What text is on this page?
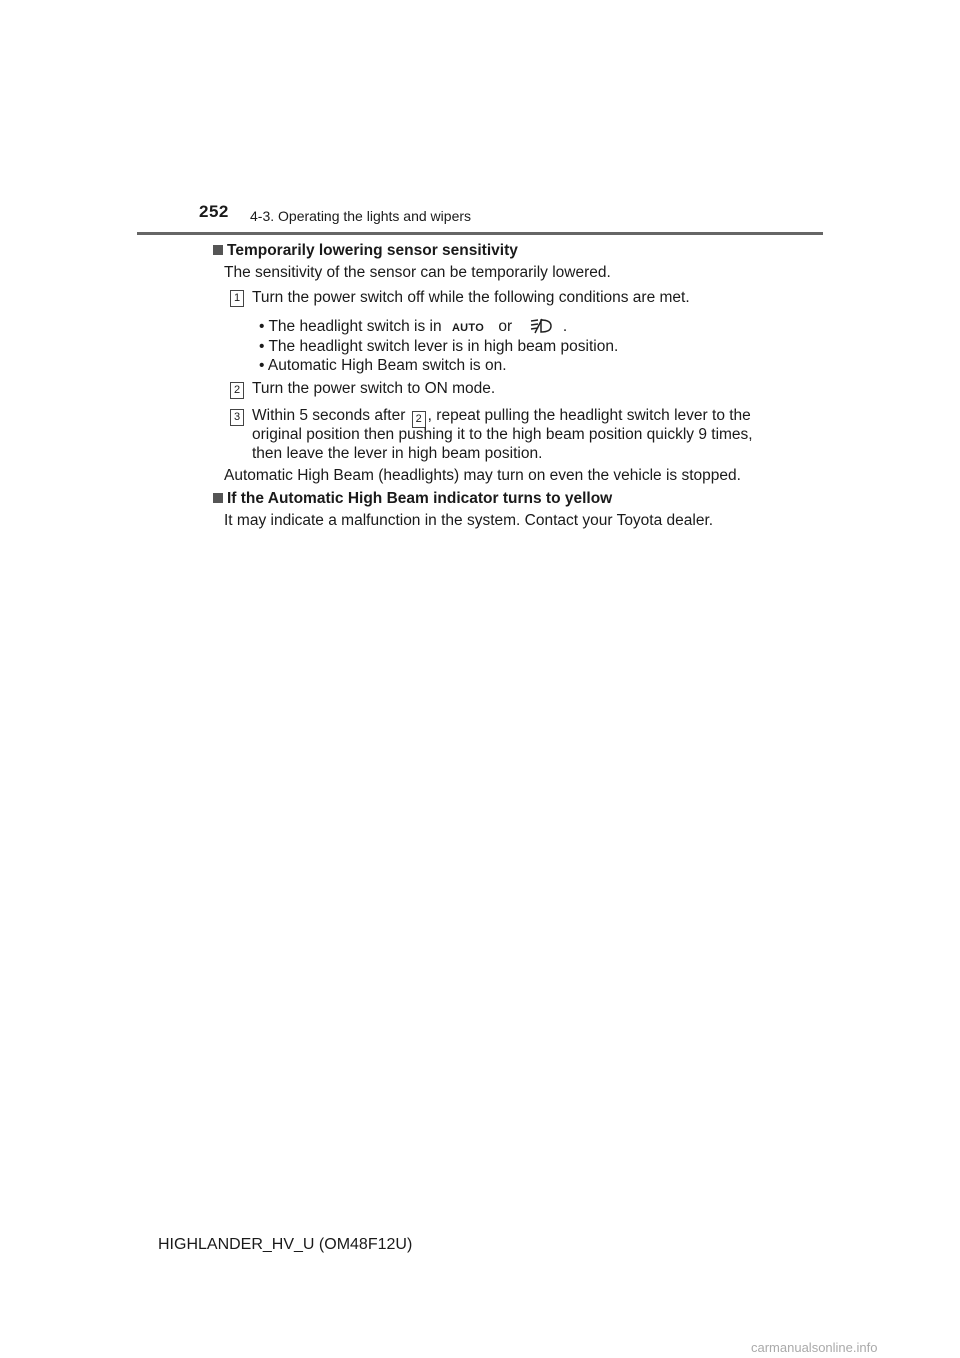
252 4-3. Operating the lights and wipers
Temporarily lowering sensor sensitivity
The sensitivity of the sensor can be temporarily lowered.
1 Turn the power switch off while the following conditions are met.
• The headlight switch is in AUTO or	.
• The headlight switch lever is in high beam position.
• Automatic High Beam switch is on.
2 Turn the power switch to ON mode.
3 Within 5 seconds after 2 , repeat pulling the headlight switch lever to the
original position then pushing it to the high beam position quickly 9 times,
then leave the lever in high beam position.
Automatic High Beam (headlights) may turn on even the vehicle is stopped.
If the Automatic High Beam indicator turns to yellow
It may indicate a malfunction in the system. Contact your Toyota dealer.
HIGHLANDER_HV_U (OM48F12U)
carmanualsonline.info
